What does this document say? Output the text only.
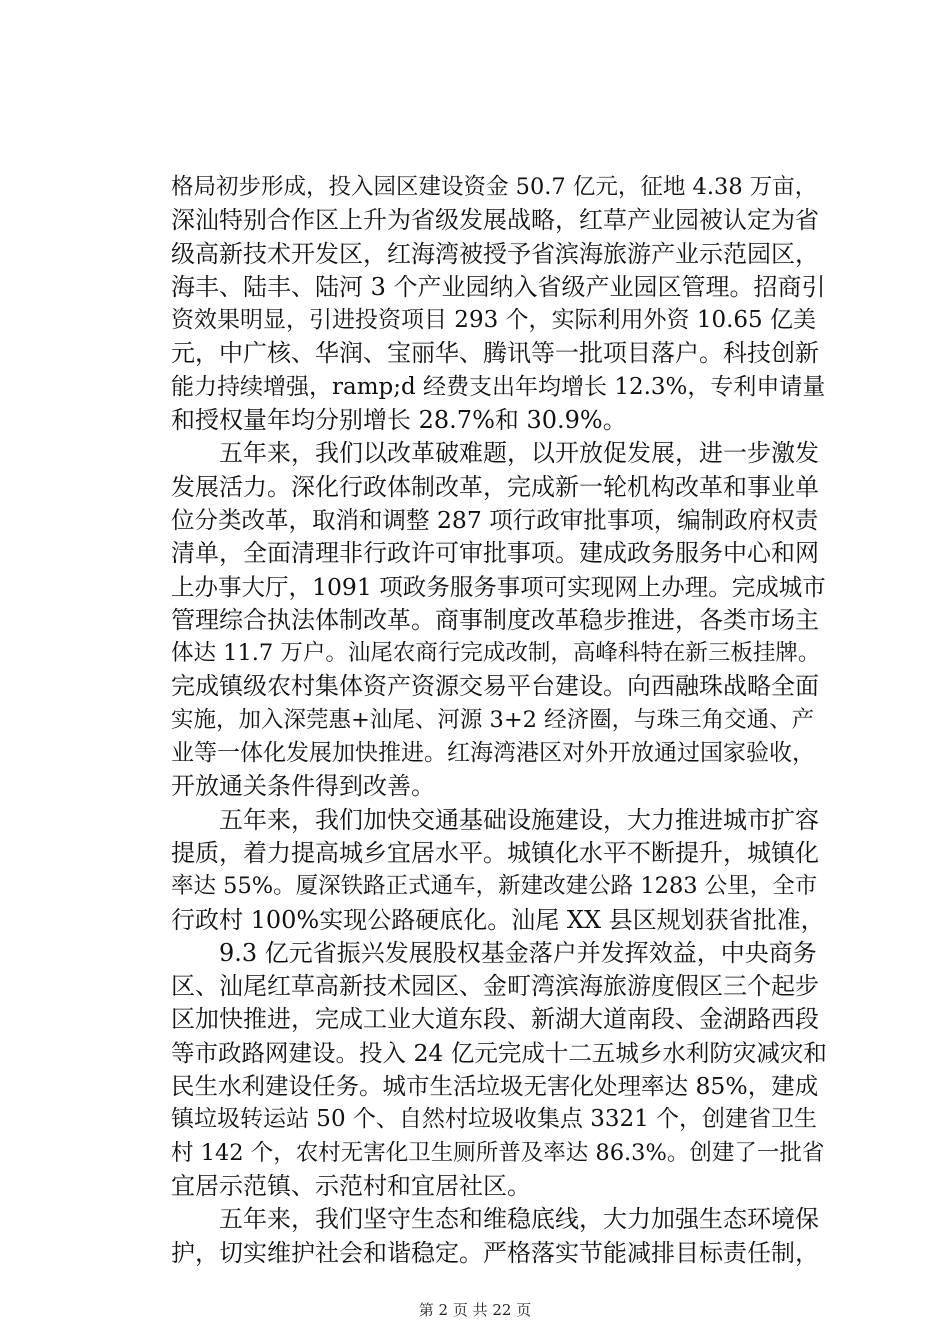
格局初步形成，投入园区建设资金 50.7 亿元，征地 4.38 万亩，
深汕特别合作区上升为省级发展战略，红草产业园被认定为省
级高新技术开发区，红海湾被授予省滨海旅游产业示范园区，
海丰、陆丰、陆河 3 个产业园纳入省级产业园区管理。招商引
资效果明显，引进投资项目 293 个，实际利用外资 10.65 亿美
元，中广核、华润、宝丽华、腾讯等一批项目落户。科技创新
能力持续增强，ramp;d 经费支出年均增长 12.3%，专利申请量
和授权量年均分别增长 28.7%和 30.9%。
五年来，我们以改革破难题，以开放促发展，进一步激发
发展活力。深化行政体制改革，完成新一轮机构改革和事业单
位分类改革，取消和调整 287 项行政审批事项，编制政府权责
清单，全面清理非行政许可审批事项。建成政务服务中心和网
上办事大厅，1091 项政务服务事项可实现网上办理。完成城市
管理综合执法体制改革。商事制度改革稳步推进，各类市场主
体达 11.7 万户。汕尾农商行完成改制，高峰科特在新三板挂牌。
完成镇级农村集体资产资源交易平台建设。向西融珠战略全面
实施，加入深莞惠+汕尾、河源 3+2 经济圈，与珠三角交通、产
业等一体化发展加快推进。红海湾港区对外开放通过国家验收，
开放通关条件得到改善。
五年来，我们加快交通基础设施建设，大力推进城市扩容
提质，着力提高城乡宜居水平。城镇化水平不断提升，城镇化
率达 55%。厦深铁路正式通车，新建改建公路 1283 公里，全市
行政村 100%实现公路硬底化。汕尾 XX 县区规划获省批准，
9.3 亿元省振兴发展股权基金落户并发挥效益，中央商务
区、汕尾红草高新技术园区、金町湾滨海旅游度假区三个起步
区加快推进，完成工业大道东段、新湖大道南段、金湖路西段
等市政路网建设。投入 24 亿元完成十二五城乡水利防灾减灾和
民生水利建设任务。城市生活垃圾无害化处理率达 85%，建成
镇垃圾转运站 50 个、自然村垃圾收集点 3321 个，创建省卫生
村 142 个，农村无害化卫生厕所普及率达 86.3%。创建了一批省
宜居示范镇、示范村和宜居社区。
五年来，我们坚守生态和维稳底线，大力加强生态环境保
护，切实维护社会和谐稳定。严格落实节能减排目标责任制，
第 2 页 共 22 页
